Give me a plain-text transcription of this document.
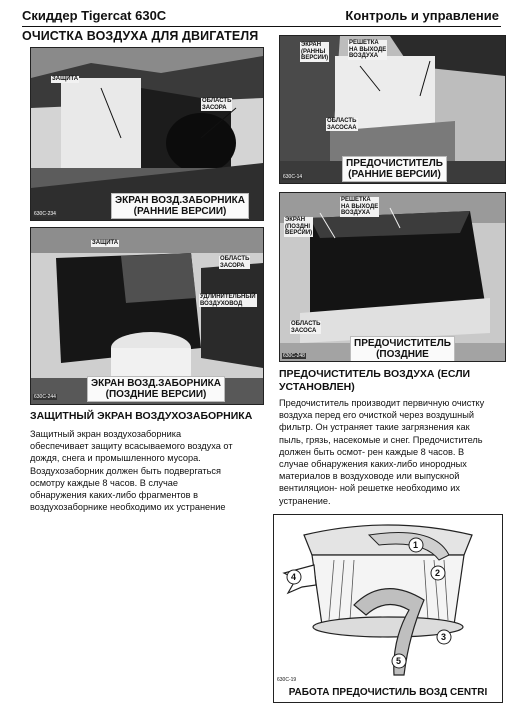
Скиддер Tigercat 630C	Контроль и управление
ОЧИСТКА ВОЗДУХА ДЛЯ ДВИГАТЕЛЯ
ЗАЩИТА
ОБЛАСТЬ
ЗАСОРА
ЭКРАН ВОЗД.ЗАБОРНИКА
(РАННИЕ ВЕРСИИ)
630C-234
ЭКРАН
(РАННЫ
ВЕРСИИ)
РЕШЕТКА
НА ВЫХОДЕ
ВОЗДУХА
ОБЛАСТЬ
ЗАСОСАА
ПРЕДОЧИСТИТЕЛЬ
(РАННИЕ ВЕРСИИ)
630C-14
ЭКРАН
(ПОЗДНI
ВЕРСИИ)
РЕШЕТКА
НА ВЫХОДЕ
ВОЗДУХА
ОБЛАСТЬ
ЗАСОСА
ПРЕДОЧИСТИТЕЛЬ
(ПОЗДНИЕ
630C-248
ЗАЩИТА
ОБЛАСТЬ
ЗАСОРА
УДЛИНИТЕЛЬНЫЙ
ВОЗДУХОВОД
ЭКРАН ВОЗД.ЗАБОРНИКА
(ПОЗДНИЕ ВЕРСИИ)
630C-244
ЗАЩИТНЫЙ ЭКРАН ВОЗДУХОЗАБОРНИКА
Защитный экран воздухозаборника
обеспечивает защиту всасываемого воздуха от
дождя, снега и промышленного мусора.
Воздухозаборник должен быть подвергаться
осмотру каждые 8 часов. В случае
обнаружения каких-либо фрагментов в
воздухозаборнике необходимо их устранение
ПРЕДОЧИСТИТЕЛЬ ВОЗДУХА (ЕСЛИ
УСТАНОВЛЕН)
Предочиститель производит первичную очистку
воздуха перед его очисткой через воздушный
фильтр. Он устраняет такие загрязнения как
пыль, грязь, насекомые и снег. Предочиститель
должен быть осмот- рен каждые 8 часов. В
случае обнаружения каких-либо инородных
материалов в воздуховоде или выпускной
вентиляцион- ной решетке необходимо их
устранение.
1
2
3
4
5
630C-19
РАБОТА ПРЕДОЧИСТИЛЬ ВОЗД CENTRI
